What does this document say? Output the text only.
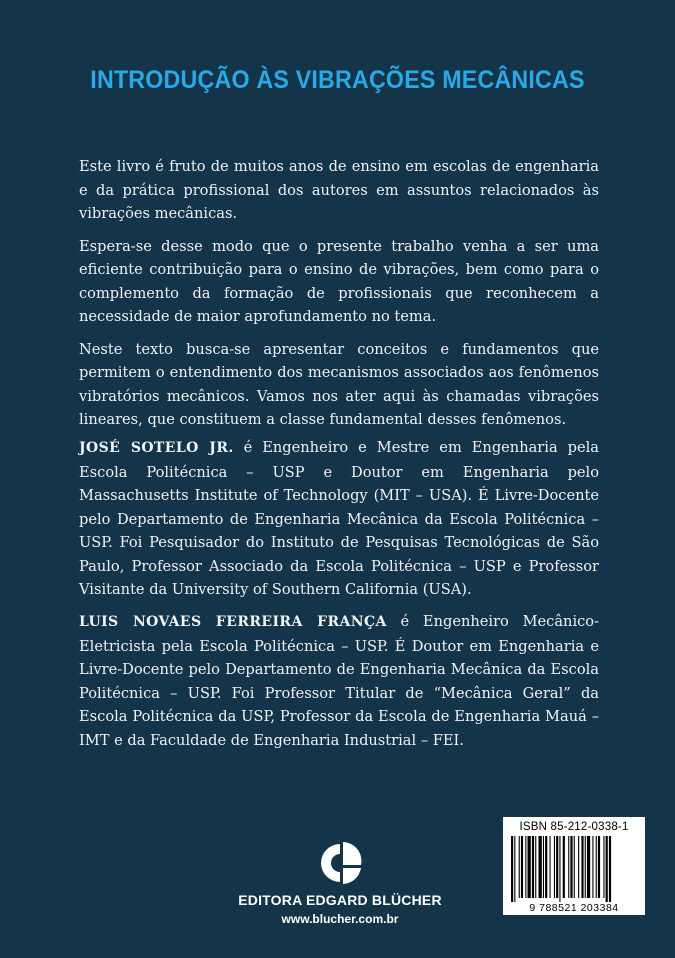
INTRODUÇÃO ÀS VIBRAÇÕES MECÂNICAS

Este livro é fruto de muitos anos de ensino em escolas de engenharia e da prática profissional dos autores em assuntos relacionados às vibrações mecânicas.

Espera-se desse modo que o presente trabalho venha a ser uma eficiente contribuição para o ensino de vibrações, bem como para o complemento da formação de profissionais que reconhecem a necessidade de maior aprofundamento no tema.

Neste texto busca-se apresentar conceitos e fundamentos que permitem o entendimento dos mecanismos associados aos fenômenos vibratórios mecânicos. Vamos nos ater aqui às chamadas vibrações lineares, que constituem a classe fundamental desses fenômenos.

JOSÉ SOTELO JR. é Engenheiro e Mestre em Engenharia pela Escola Politécnica – USP e Doutor em Engenharia pelo Massachusetts Institute of Technology (MIT – USA). É Livre-Docente pelo Departamento de Engenharia Mecânica da Escola Politécnica – USP. Foi Pesquisador do Instituto de Pesquisas Tecnológicas de São Paulo, Professor Associado da Escola Politécnica – USP e Professor Visitante da University of Southern California (USA).

LUIS NOVAES FERREIRA FRANÇA é Engenheiro Mecânico-Eletricista pela Escola Politécnica – USP. É Doutor em Engenharia e Livre-Docente pelo Departamento de Engenharia Mecânica da Escola Politécnica – USP. Foi Professor Titular de “Mecânica Geral” da Escola Politécnica da USP, Professor da Escola de Engenharia Mauá – IMT e da Faculdade de Engenharia Industrial – FEI.

EDITORA EDGARD BLÜCHER
www.blucher.com.br
ISBN 85-212-0338-1
9 788521 203384
